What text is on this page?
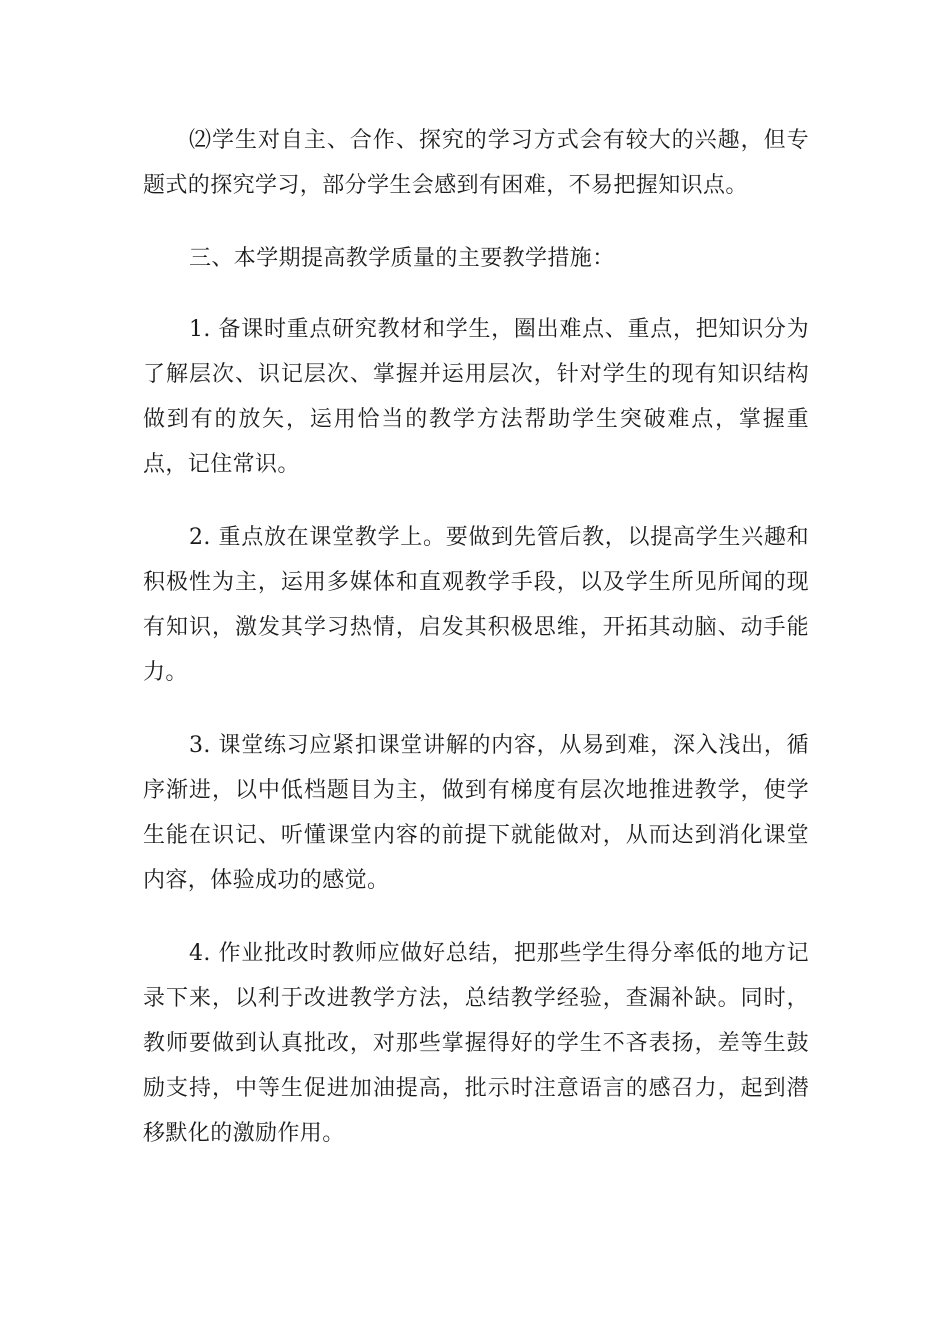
⑵学生对自主、合作、探究的学习方式会有较大的兴趣，但专题式的探究学习，部分学生会感到有困难，不易把握知识点。

三、本学期提高教学质量的主要教学措施：

1. 备课时重点研究教材和学生，圈出难点、重点，把知识分为了解层次、识记层次、掌握并运用层次，针对学生的现有知识结构做到有的放矢，运用恰当的教学方法帮助学生突破难点，掌握重点，记住常识。

2. 重点放在课堂教学上。要做到先管后教，以提高学生兴趣和积极性为主，运用多媒体和直观教学手段，以及学生所见所闻的现有知识，激发其学习热情，启发其积极思维，开拓其动脑、动手能力。

3. 课堂练习应紧扣课堂讲解的内容，从易到难，深入浅出，循序渐进，以中低档题目为主，做到有梯度有层次地推进教学，使学生能在识记、听懂课堂内容的前提下就能做对，从而达到消化课堂内容，体验成功的感觉。

4. 作业批改时教师应做好总结，把那些学生得分率低的地方记录下来，以利于改进教学方法，总结教学经验，查漏补缺。同时，教师要做到认真批改，对那些掌握得好的学生不吝表扬，差等生鼓励支持，中等生促进加油提高，批示时注意语言的感召力，起到潜移默化的激励作用。
